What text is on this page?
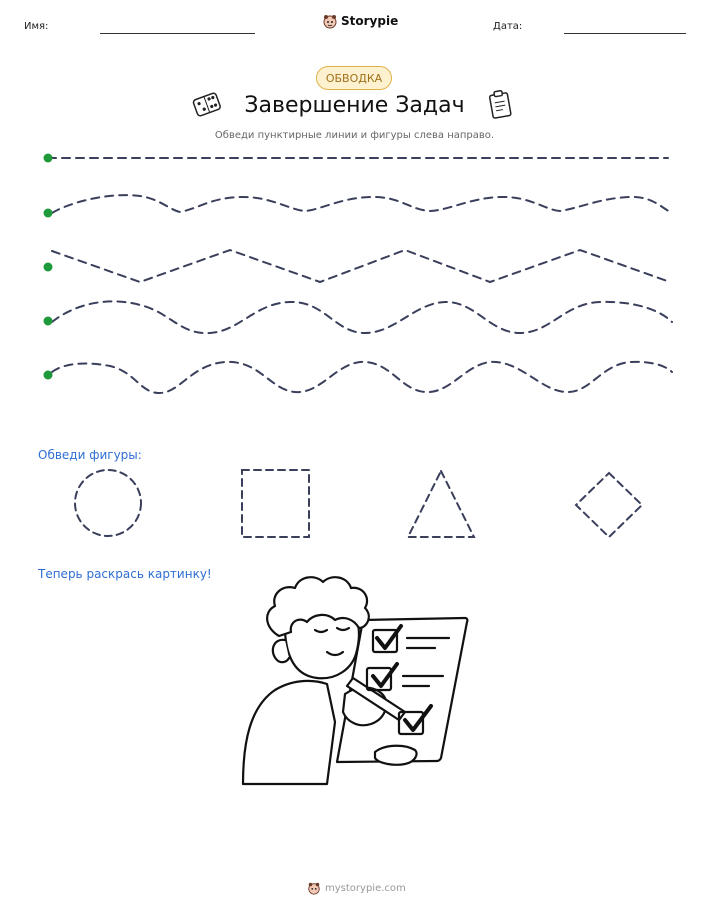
Имя:	Storypie	Дата:
ОБВОДКА
Завершение Задач
Обведи пунктирные линии и фигуры слева направо.
Обведи фигуры:
Теперь раскрась картинку!
mystorypie.com
